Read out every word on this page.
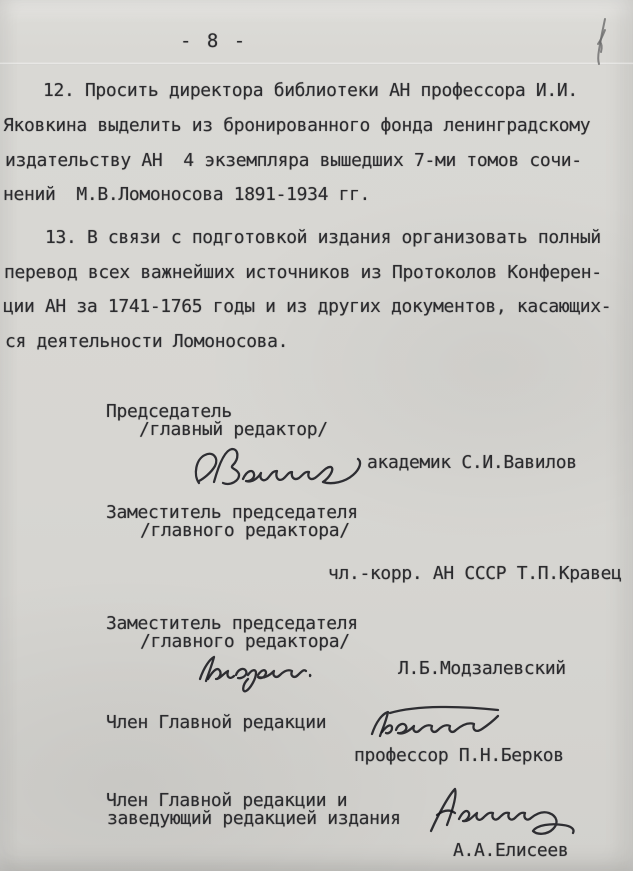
- 8 -
12. Просить директора библиотеки АН профессора И.И.
Яковкина выделить из бронированного фонда ленинградскому
издательству АН  4 экземпляра вышедших 7-ми томов сочи-
нений  М.В.Ломоносова 1891-1934 гг.
13. В связи с подготовкой издания организовать полный
перевод всех важнейших источников из Протоколов Конферен-
ции АН за 1741-1765 годы и из других документов, касающих-
ся деятельности Ломоносова.
Председатель
/главный редактор/
академик С.И.Вавилов
Заместитель председателя
/главного редактора/
чл.-корр. АН СССР Т.П.Кравец
Заместитель председателя
/главного редактора/
Л.Б.Модзалевский
Член Главной редакции
профессор П.Н.Берков
Член Главной редакции и
заведующий редакцией издания
А.А.Елисеев
